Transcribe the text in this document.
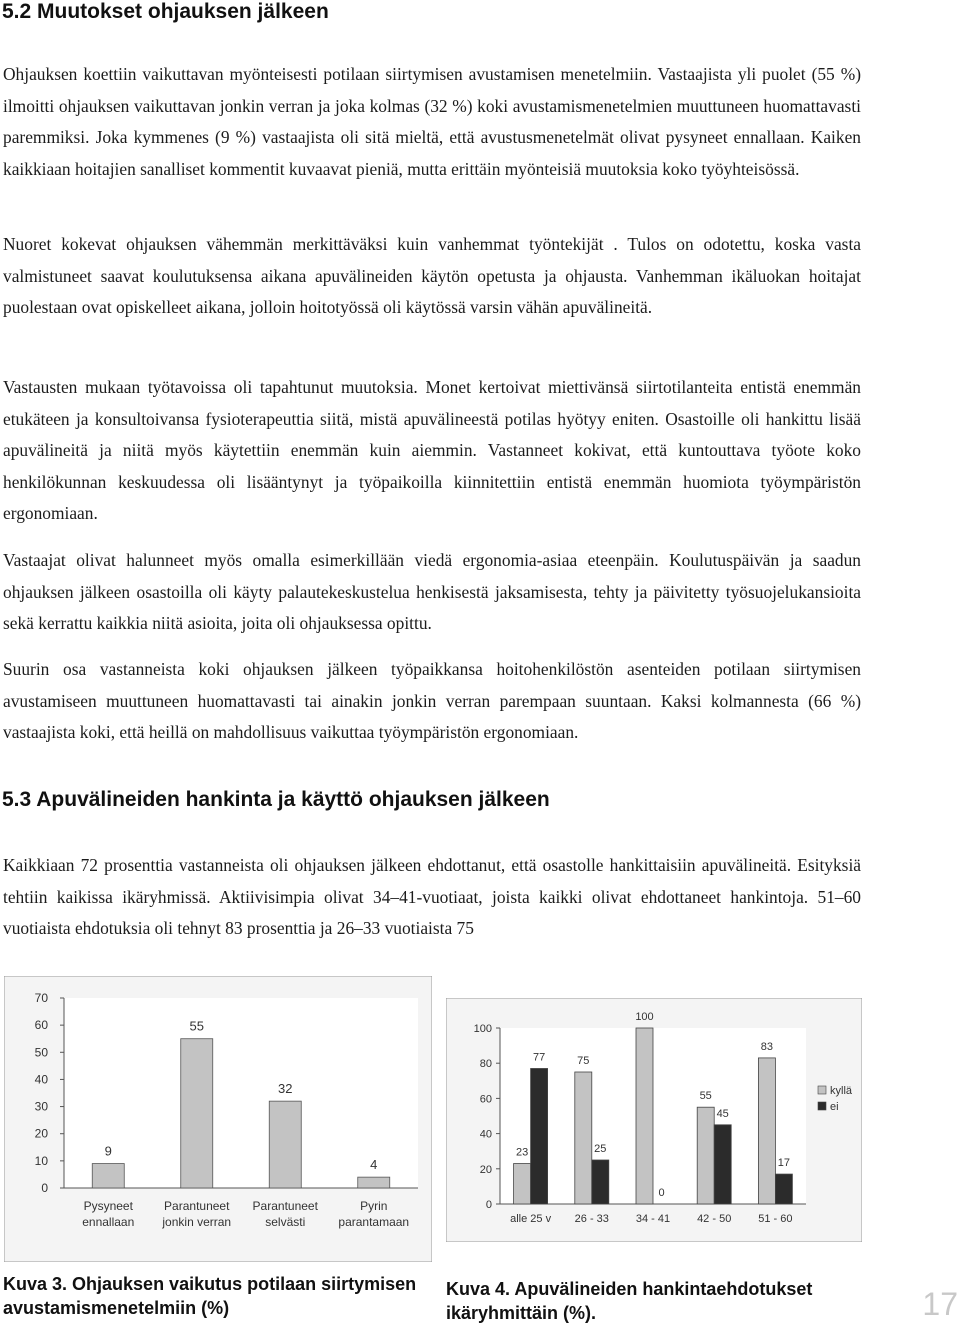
5.2 Muutokset ohjauksen jälkeen

Ohjauksen koettiin vaikuttavan myönteisesti potilaan siirtymisen avustamisen menetelmiin. Vastaajista yli puolet (55 %) ilmoitti ohjauksen vaikuttavan jonkin verran ja joka kolmas (32 %) koki avustamismenetelmien muuttuneen huomattavasti paremmiksi. Joka kymmenes (9 %) vastaajista oli sitä mieltä, että avustusmenetelmät olivat pysyneet ennallaan. Kaiken kaikkiaan hoitajien sanalliset kommentit kuvaavat pieniä, mutta erittäin myönteisiä muutoksia koko työyhteisössä.

Nuoret kokevat ohjauksen vähemmän merkittäväksi kuin vanhemmat työntekijät . Tulos on odotettu, koska vasta valmistuneet saavat koulutuksensa aikana apuvälineiden käytön opetusta ja ohjausta. Vanhemman ikäluokan hoitajat puolestaan ovat opiskelleet aikana, jolloin hoitotyössä oli käytössä varsin vähän apuvälineitä.

Vastausten mukaan työtavoissa oli tapahtunut muutoksia. Monet kertoivat miettivänsä siirtotilanteita entistä enemmän etukäteen ja konsultoivansa fysioterapeuttia siitä, mistä apuvälineestä potilas hyötyy eniten. Osastoille oli hankittu lisää apuvälineitä ja niitä myös käytettiin enemmän kuin aiemmin. Vastanneet kokivat, että kuntouttava työote koko henkilökunnan keskuudessa oli lisääntynyt ja työpaikoilla kiinnitettiin entistä enemmän huomiota työympäristön ergonomiaan.

Vastaajat olivat halunneet myös omalla esimerkillään viedä ergonomia-asiaa eteenpäin. Koulutuspäivän ja saadun ohjauksen jälkeen osastoilla oli käyty palautekeskustelua henkisestä jaksamisesta, tehty ja päivitetty työsuojelukansioita sekä kerrattu kaikkia niitä asioita, joita oli ohjauksessa opittu.

Suurin osa vastanneista koki ohjauksen jälkeen työpaikkansa hoitohenkilöstön asenteiden potilaan siirtymisen avustamiseen muuttuneen huomattavasti tai ainakin jonkin verran parempaan suuntaan. Kaksi kolmannesta (66 %) vastaajista koki, että heillä on mahdollisuus vaikuttaa työympäristön ergonomiaan.

5.3 Apuvälineiden hankinta ja käyttö ohjauksen jälkeen

Kaikkiaan 72 prosenttia vastanneista oli ohjauksen jälkeen ehdottanut, että osastolle hankittaisiin apuvälineitä. Esityksiä tehtiin kaikissa ikäryhmissä. Aktiivisimpia olivat 34–41-vuotiaat, joista kaikki olivat ehdottaneet hankintoja. 51–60 vuotiaista ehdotuksia oli tehnyt 83 prosenttia ja 26–33 vuotiaista 75

0
10
20
30
40
50
60
70
9
Pysyneet
ennallaan
55
Parantuneet
jonkin verran
32
Parantuneet
selvästi
4
Pyrin
parantamaan
0
20
40
60
80
100
23
77
alle 25 v
75
25
26 - 33
100
0
34 - 41
55
45
42 - 50
83
17
51 - 60
kyllä
ei

Kuva 3. Ohjauksen vaikutus potilaan siirtymisen avustamismenetelmiin (%)

Kuva 4. Apuvälineiden hankintaehdotukset ikäryhmittäin (%).	17
